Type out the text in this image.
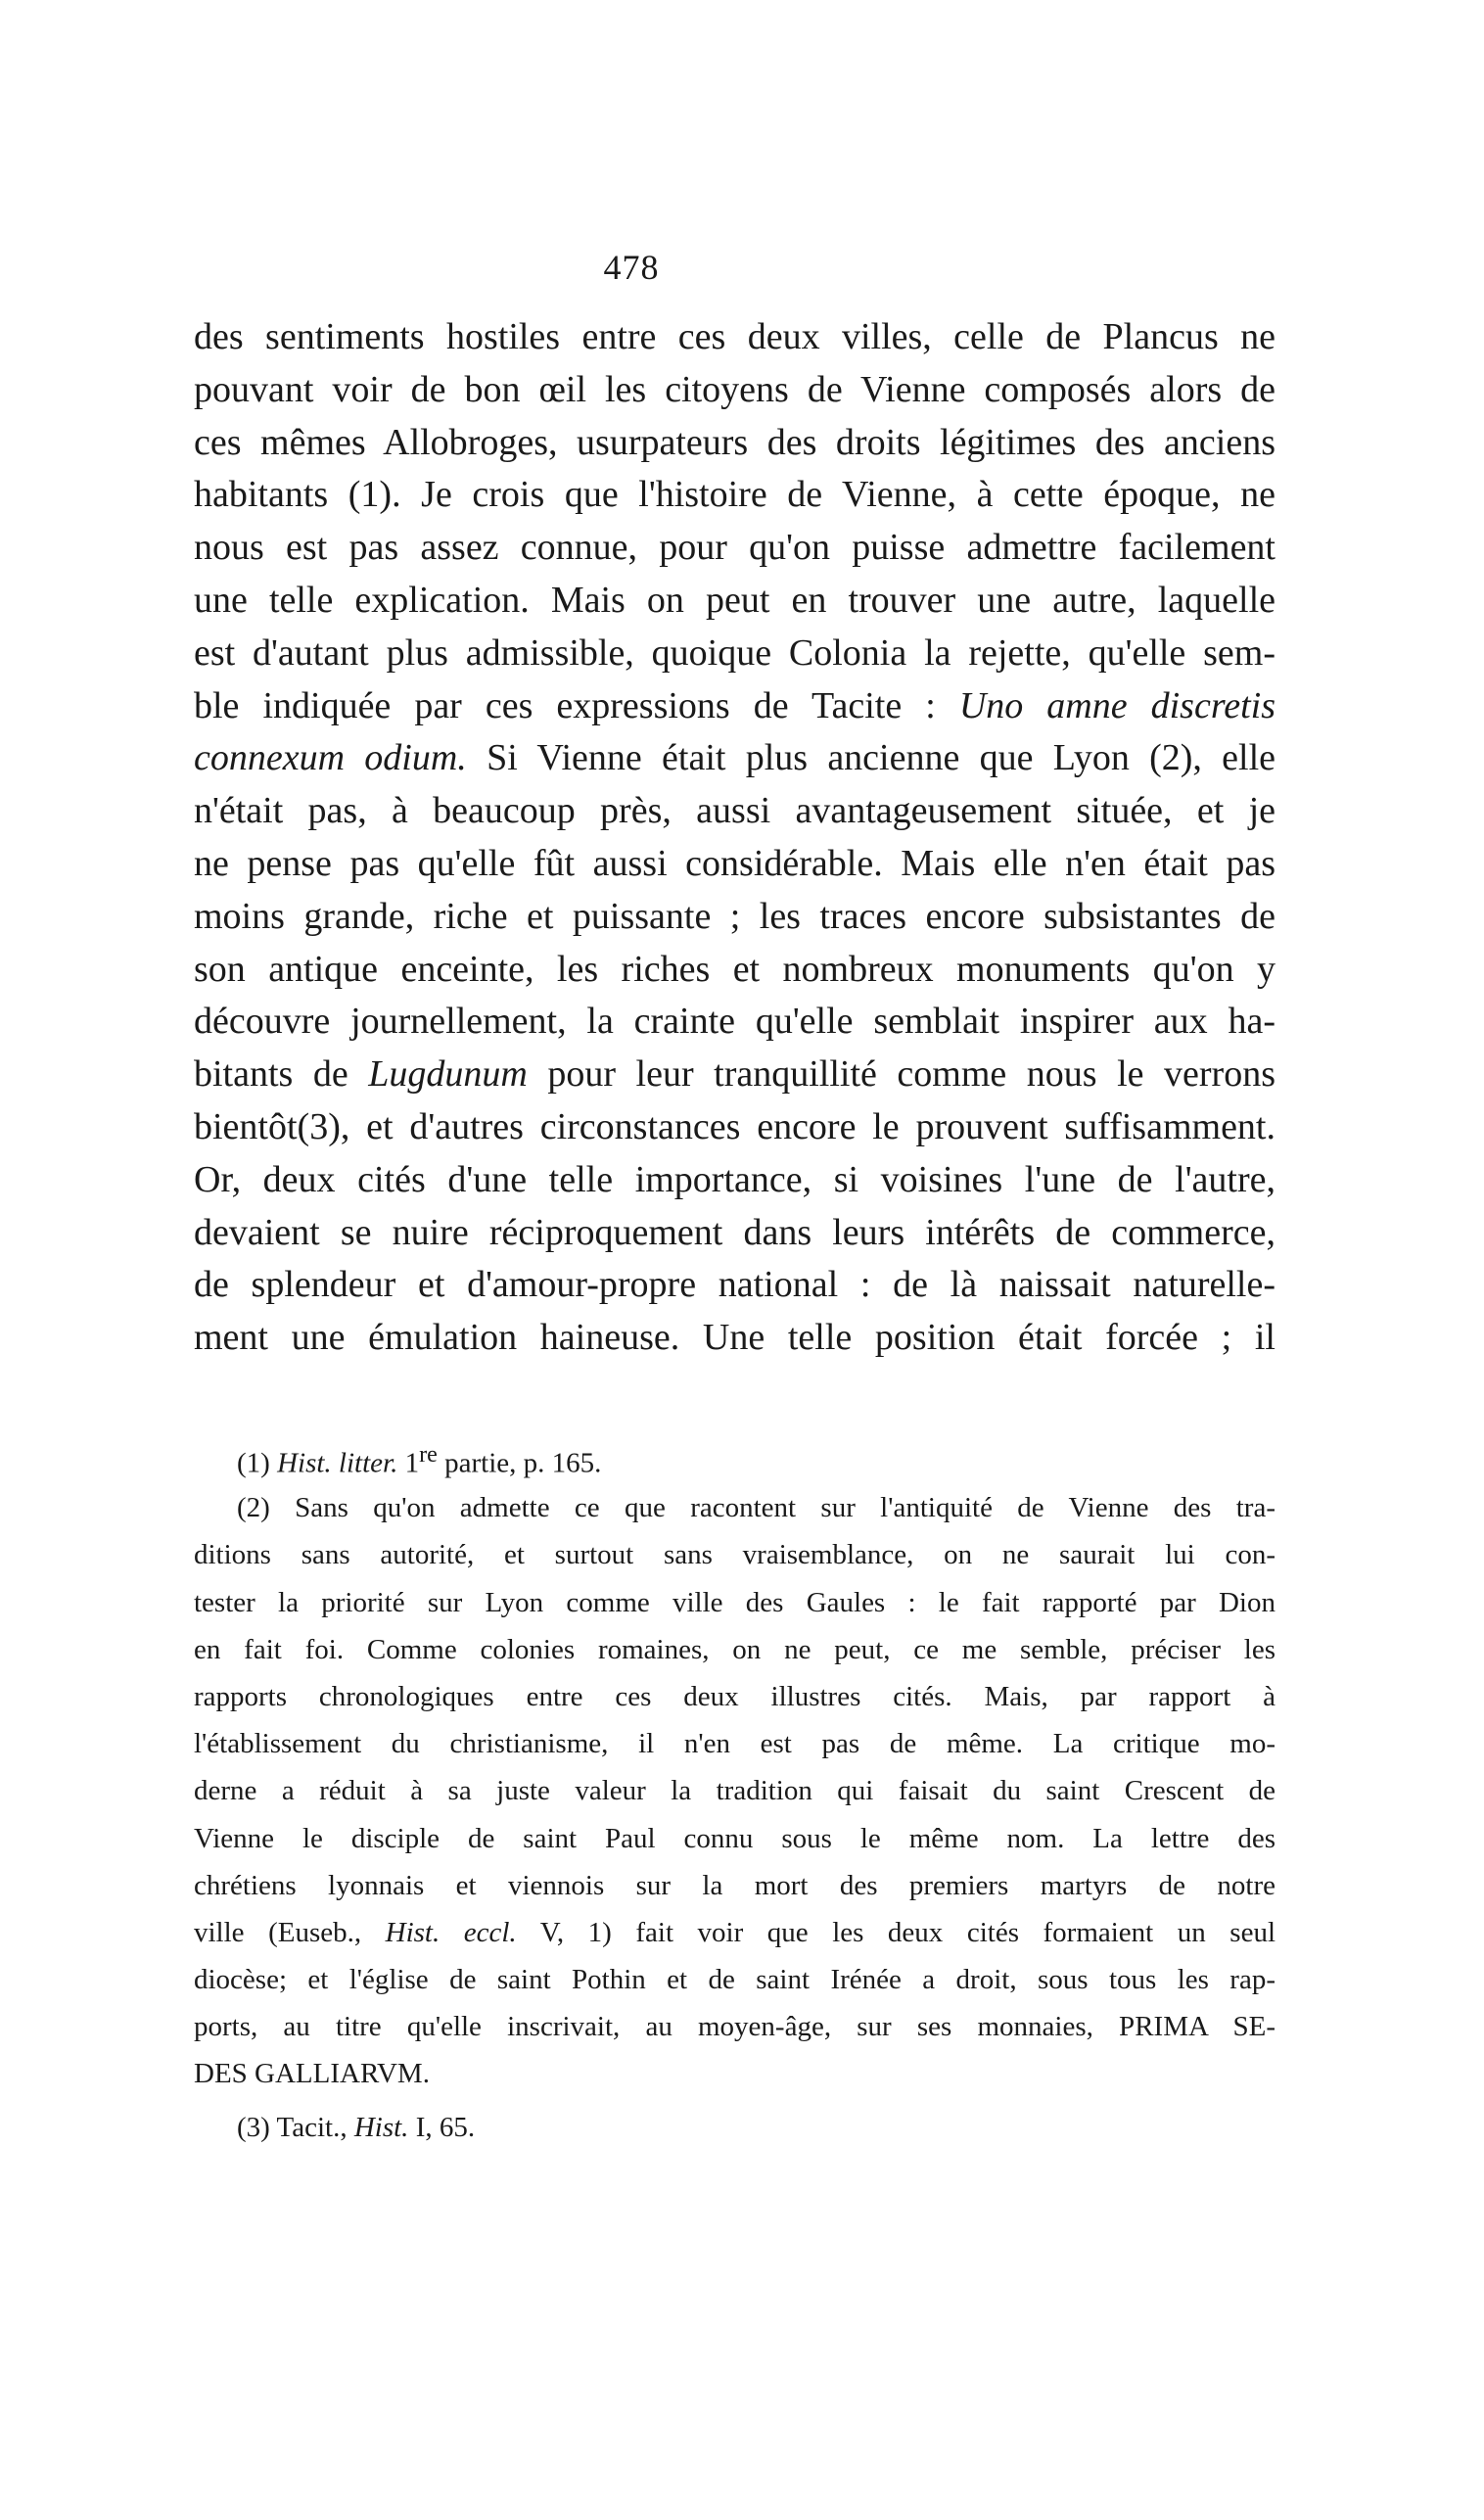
478
des sentiments hostiles entre ces deux villes, celle de Plancus ne
pouvant voir de bon œil les citoyens de Vienne composés alors de
ces mêmes Allobroges, usurpateurs des droits légitimes des anciens
habitants (1). Je crois que l'histoire de Vienne, à cette époque, ne
nous est pas assez connue, pour qu'on puisse admettre facilement
une telle explication. Mais on peut en trouver une autre, laquelle
est d'autant plus admissible, quoique Colonia la rejette, qu'elle sem-
ble indiquée par ces expressions de Tacite : Uno amne discretis
connexum odium. Si Vienne était plus ancienne que Lyon (2), elle
n'était pas, à beaucoup près, aussi avantageusement située, et je
ne pense pas qu'elle fût aussi considérable. Mais elle n'en était pas
moins grande, riche et puissante ; les traces encore subsistantes de
son antique enceinte, les riches et nombreux monuments qu'on y
découvre journellement, la crainte qu'elle semblait inspirer aux ha-
bitants de Lugdunum pour leur tranquillité comme nous le verrons
bientôt(3), et d'autres circonstances encore le prouvent suffisamment.
Or, deux cités d'une telle importance, si voisines l'une de l'autre,
devaient se nuire réciproquement dans leurs intérêts de commerce,
de splendeur et d'amour-propre national : de là naissait naturelle-
ment une émulation haineuse. Une telle position était forcée ; il
(1) Hist. litter. 1re partie, p. 165.
(2) Sans qu'on admette ce que racontent sur l'antiquité de Vienne des tra-
ditions sans autorité, et surtout sans vraisemblance, on ne saurait lui con-
tester la priorité sur Lyon comme ville des Gaules : le fait rapporté par Dion
en fait foi. Comme colonies romaines, on ne peut, ce me semble, préciser les
rapports chronologiques entre ces deux illustres cités. Mais, par rapport à
l'établissement du christianisme, il n'en est pas de même. La critique mo-
derne a réduit à sa juste valeur la tradition qui faisait du saint Crescent de
Vienne le disciple de saint Paul connu sous le même nom. La lettre des
chrétiens lyonnais et viennois sur la mort des premiers martyrs de notre
ville (Euseb., Hist. eccl. V, 1) fait voir que les deux cités formaient un seul
diocèse; et l'église de saint Pothin et de saint Irénée a droit, sous tous les rap-
ports, au titre qu'elle inscrivait, au moyen-âge, sur ses monnaies, PRIMA SE-
DES GALLIARVM.
(3) Tacit., Hist. I, 65.
